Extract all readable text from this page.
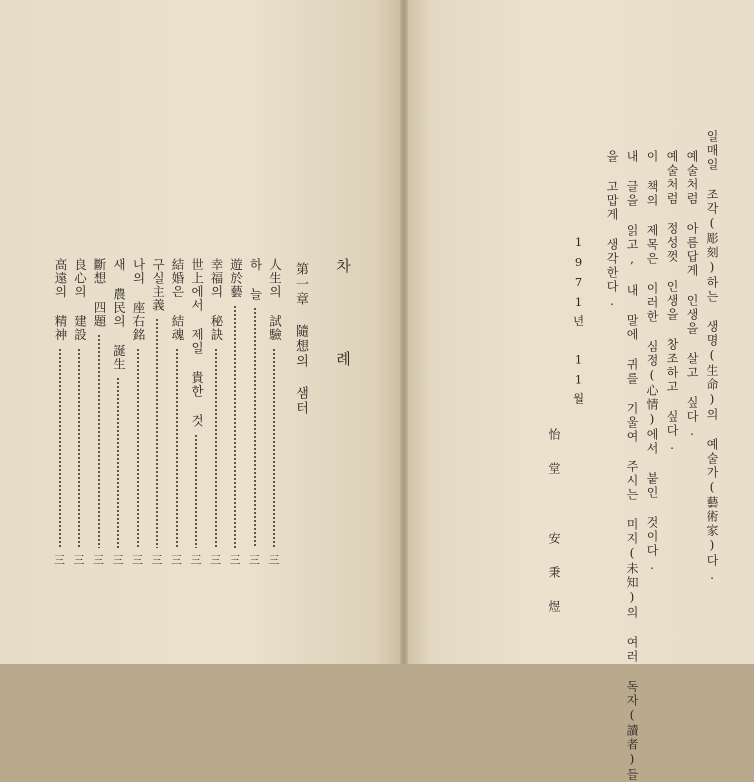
차 례
第一章 隨想의 샘터
人生의 試驗
三
하 늘
三
遊於藝
三
幸福의 秘訣
三
世上에서 제일 貴한 것
三
結婚은 結魂
三
구실主義
三
나의 座右銘
三
새 農民의 誕生
三
斷想 四題
三
良心의 建設
三
高遠의 精神
三	일매일 조각(彫刻)하는 생명(生命)의 예술가(藝術家)다.
예술처럼 아름답게 인생을 살고 싶다.
예술처럼 정성껏 인생을 창조하고 싶다.
이 책의 제목은 이러한 심정(心情)에서 붙인 것이다.
내 글을 읽고, 내 말에 귀를 기울여 주시는 미지(未知)의 여러 독자(讀者)들
을 고맙게 생각한다.
1971년 11월
怡堂 安秉煜
